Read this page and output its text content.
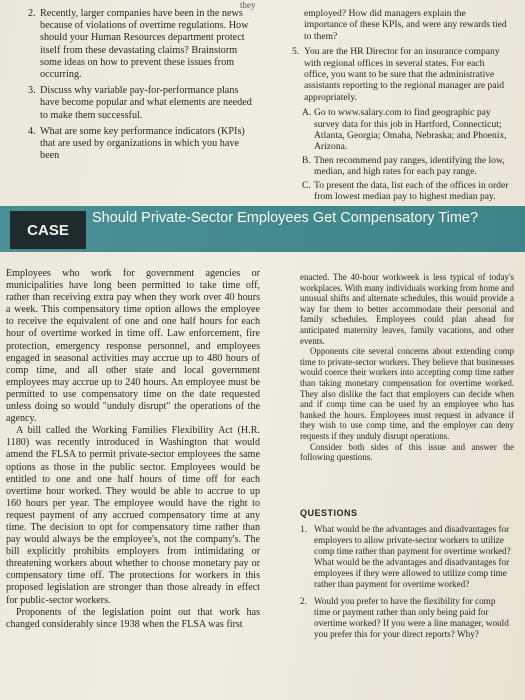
they
2. Recently, larger companies have been in the news because of violations of overtime regulations. How should your Human Resources department protect itself from these devastating claims? Brainstorm some ideas on how to prevent these issues from occurring.
3. Discuss why variable pay-for-performance plans have become popular and what elements are needed to make them successful.
4. What are some key performance indicators (KPIs) that are used by organizations in which you have been
employed? How did managers explain the importance of these KPIs, and were any rewards tied to them?
5. You are the HR Director for an insurance company with regional offices in several states. For each office, you want to be sure that the administrative assistants reporting to the regional manager are paid appropriately.
A. Go to www.salary.com to find geographic pay survey data for this job in Hartford, Connecticut; Atlanta, Georgia; Omaha, Nebraska; and Phoenix, Arizona.
B. Then recommend pay ranges, identifying the low, median, and high rates for each pay range.
C. To present the data, list each of the offices in order from lowest median pay to highest median pay.
CASE
Should Private-Sector Employees Get Compensatory Time?

Employees who work for government agencies or municipalities have long been permitted to take time off, rather than receiving extra pay when they work over 40 hours a week. This compensatory time option allows the employee to receive the equivalent of one and one half hours for each hour of overtime worked in time off. Law enforcement, fire protection, emergency response personnel, and employees engaged in seasonal activities may accrue up to 480 hours of comp time, and all other state and local government employees may accrue up to 240 hours. An employee must be permitted to use compensatory time on the date requested unless doing so would "unduly disrupt" the operations of the agency.

A bill called the Working Families Flexibility Act (H.R. 1180) was recently introduced in Washington that would amend the FLSA to permit private-sector employees the same options as those in the public sector. Employees would be entitled to one and one half hours of time off for each overtime hour worked. They would be able to accrue to up 160 hours per year. The employee would have the right to request payment of any accrued compensatory time at any time. The decision to opt for compensatory time rather than pay would always be the employee's, not the company's. The bill explicitly prohibits employers from intimidating or threatening workers about whether to choose monetary pay or compensatory time off. The protections for workers in this proposed legislation are stronger than those already in effect for public-sector workers.

Proponents of the legislation point out that work has changed considerably since 1938 when the FLSA was first

enacted. The 40-hour workweek is less typical of today's workplaces. With many individuals working from home and unusual shifts and alternate schedules, this would provide a way for them to better accommodate their personal and family schedules. Employees could plan ahead for anticipated maternity leaves, family vacations, and other events.

Opponents cite several concerns about extending comp time to private-sector workers. They believe that businesses would coerce their workers into accepting comp time rather than taking monetary compensation for overtime worked. They also dislike the fact that employers can decide when and if comp time can be used by an employee who has banked the hours. Employees must request in advance if they wish to use comp time, and the employer can deny requests if they unduly disrupt operations.

Consider both sides of this issue and answer the following questions.

QUESTIONS
1. What would be the advantages and disadvantages for employers to allow private-sector workers to utilize comp time rather than payment for overtime worked? What would be the advantages and disadvantages for employees if they were allowed to utilize comp time rather than payment for overtime worked?
2. Would you prefer to have the flexibility for comp time or payment rather than only being paid for overtime worked? If you were a line manager, would you prefer this for your direct reports? Why?
